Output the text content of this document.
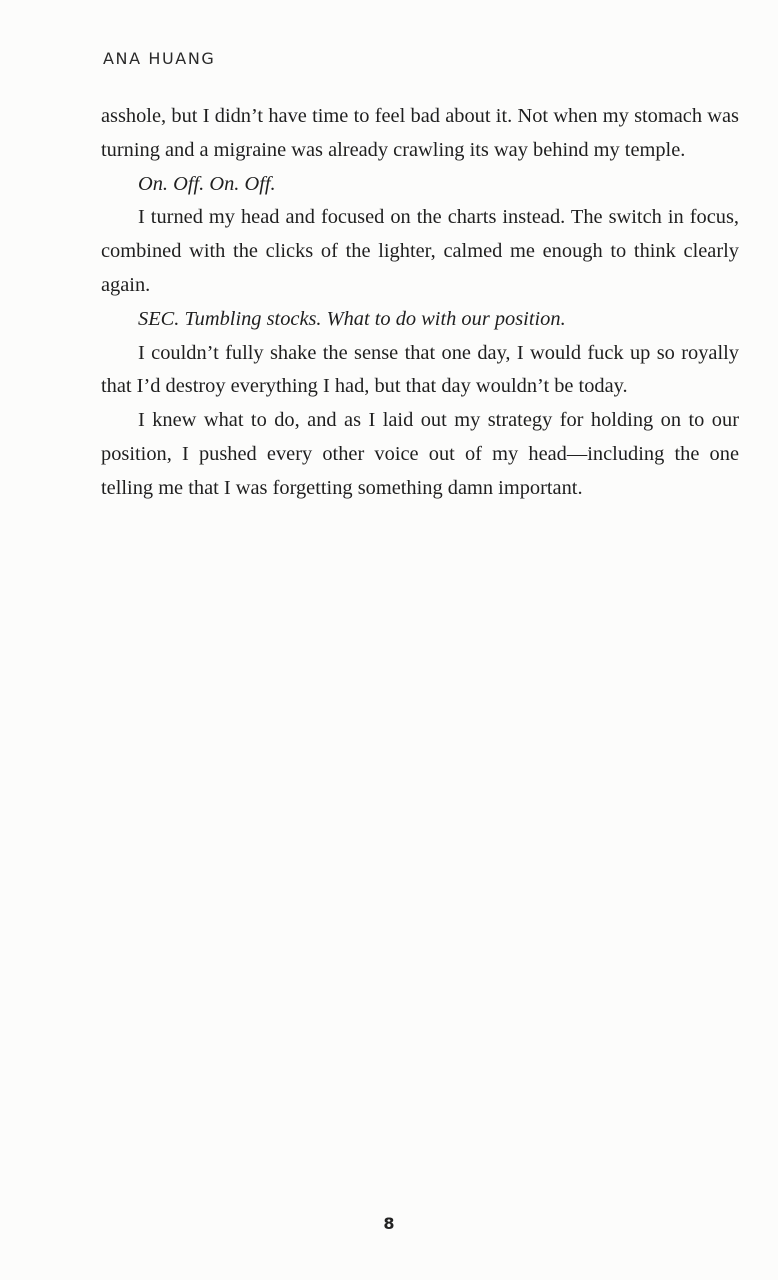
ANA HUANG

asshole, but I didn’t have time to feel bad about it. Not when my stomach was turning and a migraine was already crawling its way behind my temple.

On. Off. On. Off.

I turned my head and focused on the charts instead. The switch in focus, combined with the clicks of the lighter, calmed me enough to think clearly again.

SEC. Tumbling stocks. What to do with our position.

I couldn’t fully shake the sense that one day, I would fuck up so royally that I’d destroy everything I had, but that day wouldn’t be today.

I knew what to do, and as I laid out my strategy for holding on to our position, I pushed every other voice out of my head—including the one telling me that I was forgetting something damn important.

8
